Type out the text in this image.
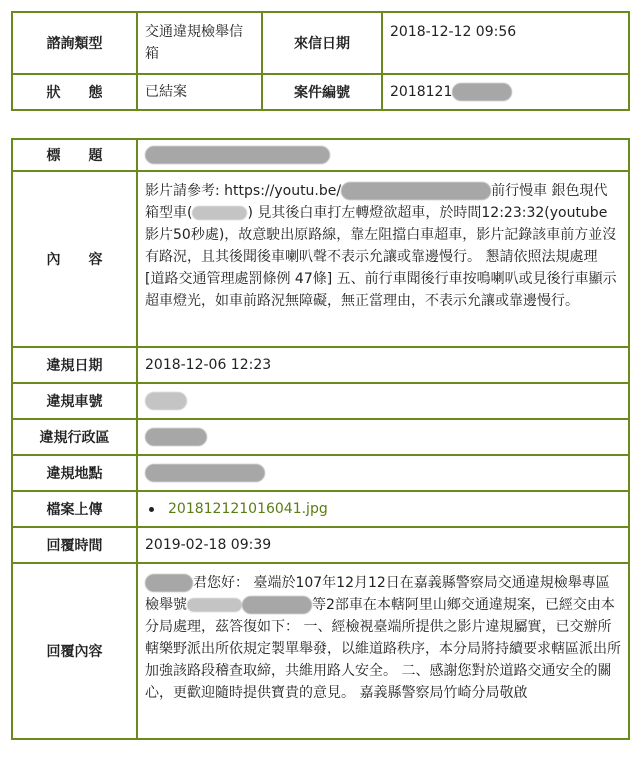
諮詢類型	交通違規檢舉信箱	來信日期	2018-12-12 09:56
狀　　態	已結案	案件編號	2018121
標　　題	
內　　容	影片請參考: https://youtu.be/ 前行慢車 銀色現代箱型車( ) 見其後白車打左轉燈欲超車，於時間12:23:32(youtube影片50秒處)，故意駛出原路線，靠左阻擋白車超車，影片記錄該車前方並沒有路況，且其後聞後車喇叭聲不表示允讓或靠邊慢行。 懇請依照法規處理 [道路交通管理處罰條例 47條] 五、前行車聞後行車按鳴喇叭或見後行車顯示超車燈光，如車前路況無障礙，無正當理由，不表示允讓或靠邊慢行。
違規日期	2018-12-06 12:23
違規車號	
違規行政區	
違規地點	
檔案上傳	201812121016041.jpg
回覆時間	2019-02-18 09:39
回覆內容	君您好： 臺端於107年12月12日在嘉義縣警察局交通違規檢舉專區檢舉號 等2部車在本轄阿里山鄉交通違規案，已經交由本分局處理，茲答復如下： 一、經檢視臺端所提供之影片違規屬實，已交辦所轄樂野派出所依規定製單舉發，以維道路秩序，本分局將持續要求轄區派出所加強該路段稽查取締，共維用路人安全。 二、感謝您對於道路交通安全的關心，更歡迎隨時提供寶貴的意見。 嘉義縣警察局竹崎分局敬啟
